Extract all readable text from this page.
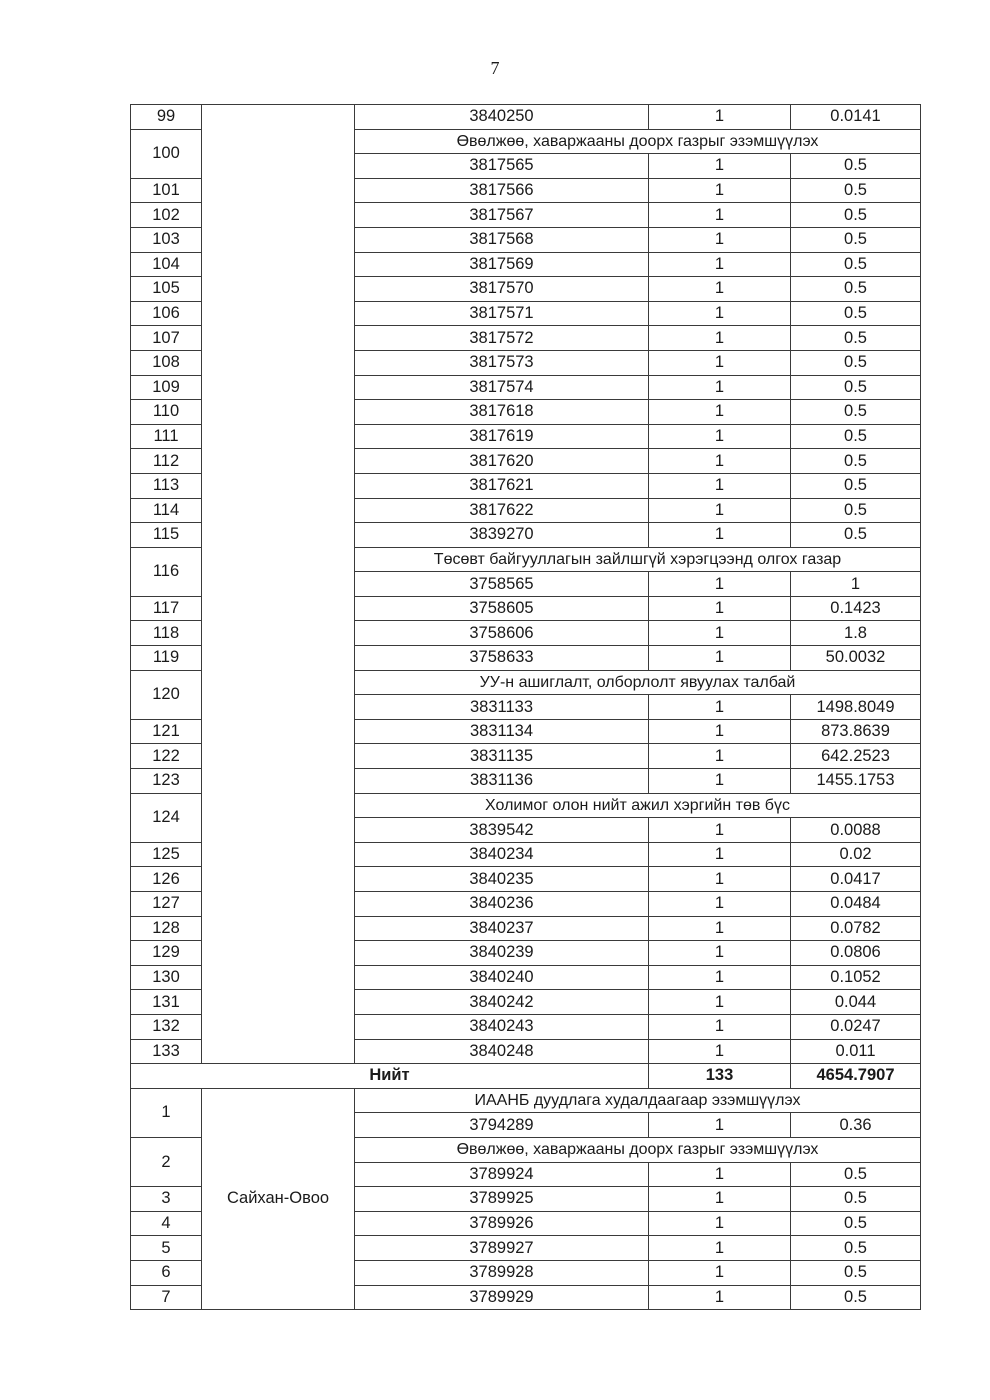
7
99		3840250	1	0.0141
100		Өвөлжөө, хаваржааны доорх газрыг эзэмшүүлэх		
		3817565	1	0.5
101		3817566	1	0.5
102		3817567	1	0.5
103		3817568	1	0.5
104		3817569	1	0.5
105		3817570	1	0.5
106		3817571	1	0.5
107		3817572	1	0.5
108		3817573	1	0.5
109		3817574	1	0.5
110		3817618	1	0.5
111		3817619	1	0.5
112		3817620	1	0.5
113		3817621	1	0.5
114		3817622	1	0.5
115		3839270	1	0.5
116		Төсөвт байгууллагын зайлшгүй хэрэгцээнд олгох газар		
		3758565	1	1
117		3758605	1	0.1423
118		3758606	1	1.8
119		3758633	1	50.0032
120		УУ-н ашиглалт, олборлолт явуулах талбай		
		3831133	1	1498.8049
121		3831134	1	873.8639
122		3831135	1	642.2523
123		3831136	1	1455.1753
124		Холимог олон нийт ажил хэргийн төв бүс		
		3839542	1	0.0088
125		3840234	1	0.02
126		3840235	1	0.0417
127		3840236	1	0.0484
128		3840237	1	0.0782
129		3840239	1	0.0806
130		3840240	1	0.1052
131		3840242	1	0.044
132		3840243	1	0.0247
133		3840248	1	0.011
Нийт			133	4654.7907
1	Сайхан-Овоо	ИААНБ дуудлага худалдаагаар эзэмшүүлэх		
		3794289	1	0.36
2		Өвөлжөө, хаваржааны доорх газрыг эзэмшүүлэх		
		3789924	1	0.5
3		3789925	1	0.5
4		3789926	1	0.5
5		3789927	1	0.5
6		3789928	1	0.5
7		3789929	1	0.5
